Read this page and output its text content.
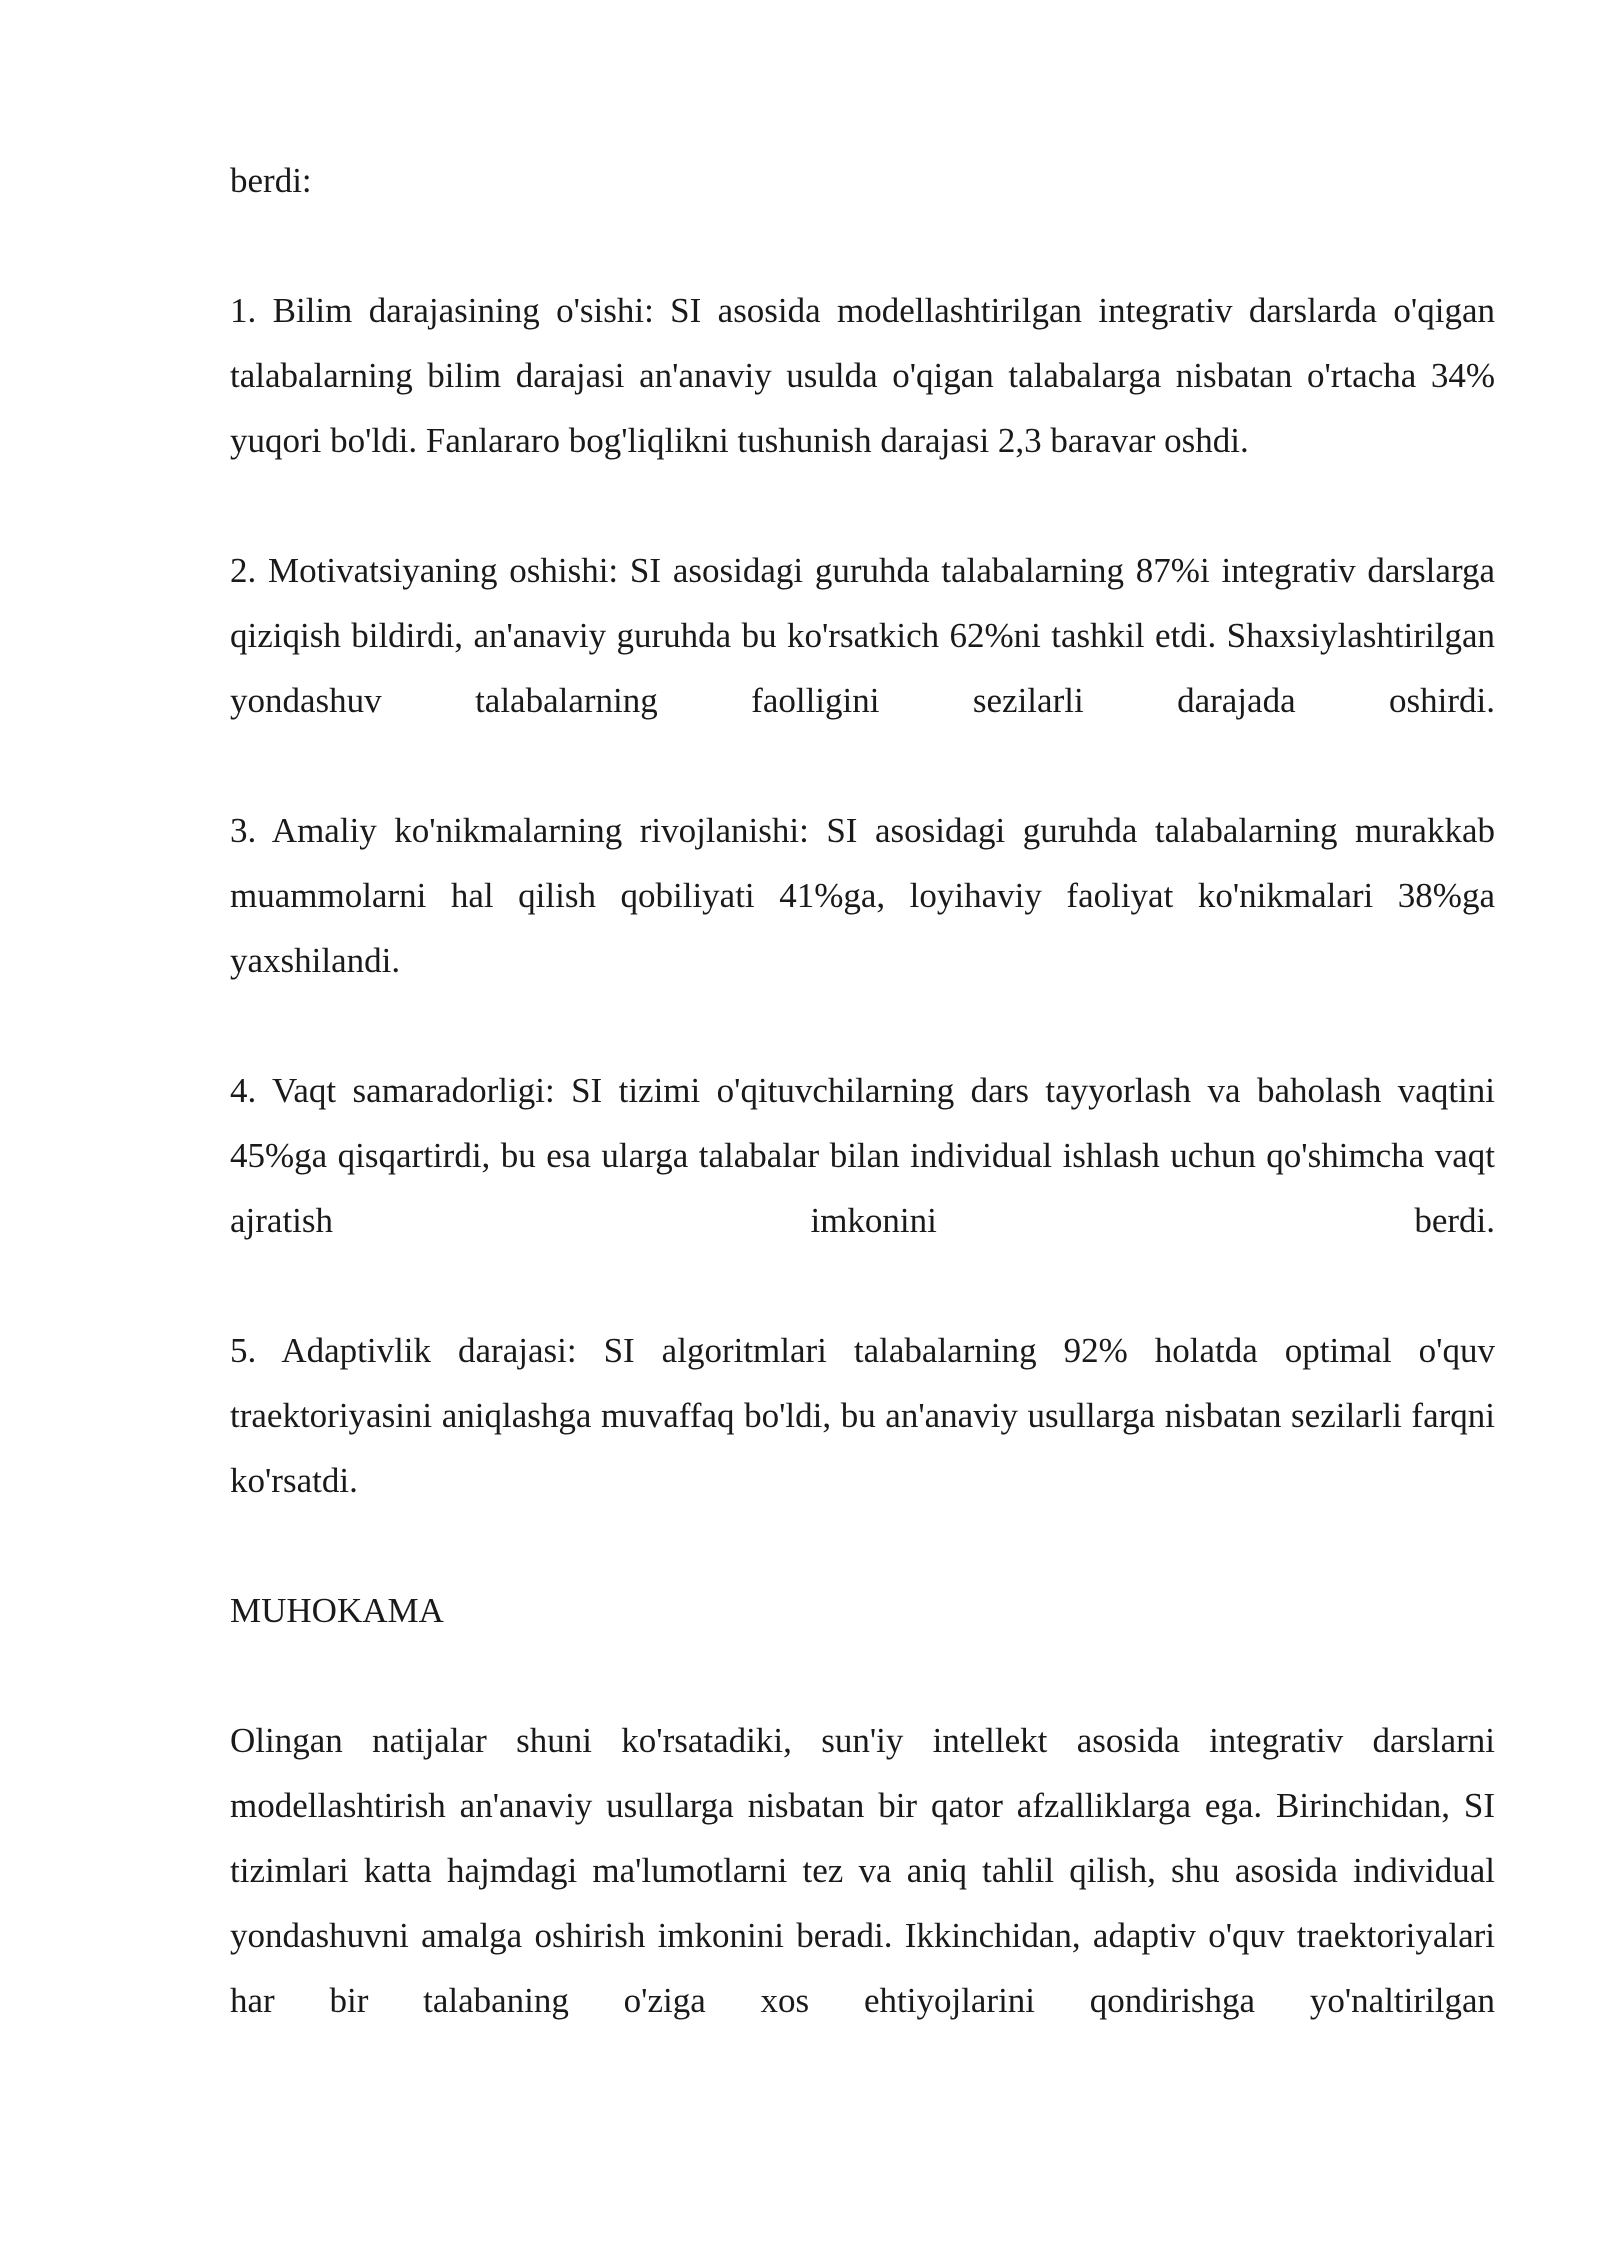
berdi:

1. Bilim darajasining o'sishi: SI asosida modellashtirilgan integrativ darslarda o'qigan talabalarning bilim darajasi an'anaviy usulda o'qigan talabalarga nisbatan o'rtacha 34% yuqori bo'ldi. Fanlararo bog'liqlikni tushunish darajasi 2,3 baravar oshdi.

2. Motivatsiyaning oshishi: SI asosidagi guruhda talabalarning 87%i integrativ darslarga qiziqish bildirdi, an'anaviy guruhda bu ko'rsatkich 62%ni tashkil etdi. Shaxsiylashtirilgan yondashuv talabalarning faolligini sezilarli darajada oshirdi.

3. Amaliy ko'nikmalarning rivojlanishi: SI asosidagi guruhda talabalarning murakkab muammolarni hal qilish qobiliyati 41%ga, loyihaviy faoliyat ko'nikmalari 38%ga yaxshilandi.

4. Vaqt samaradorligi: SI tizimi o'qituvchilarning dars tayyorlash va baholash vaqtini 45%ga qisqartirdi, bu esa ularga talabalar bilan individual ishlash uchun qo'shimcha vaqt ajratish imkonini berdi.

5. Adaptivlik darajasi: SI algoritmlari talabalarning 92% holatda optimal o'quv traektoriyasini aniqlashga muvaffaq bo'ldi, bu an'anaviy usullarga nisbatan sezilarli farqni ko'rsatdi.

MUHOKAMA

Olingan natijalar shuni ko'rsatadiki, sun'iy intellekt asosida integrativ darslarni modellashtirish an'anaviy usullarga nisbatan bir qator afzalliklarga ega. Birinchidan, SI tizimlari katta hajmdagi ma'lumotlarni tez va aniq tahlil qilish, shu asosida individual yondashuvni amalga oshirish imkonini beradi. Ikkinchidan, adaptiv o'quv traektoriyalari har bir talabaning o'ziga xos ehtiyojlarini qondirishga yo'naltirilgan
